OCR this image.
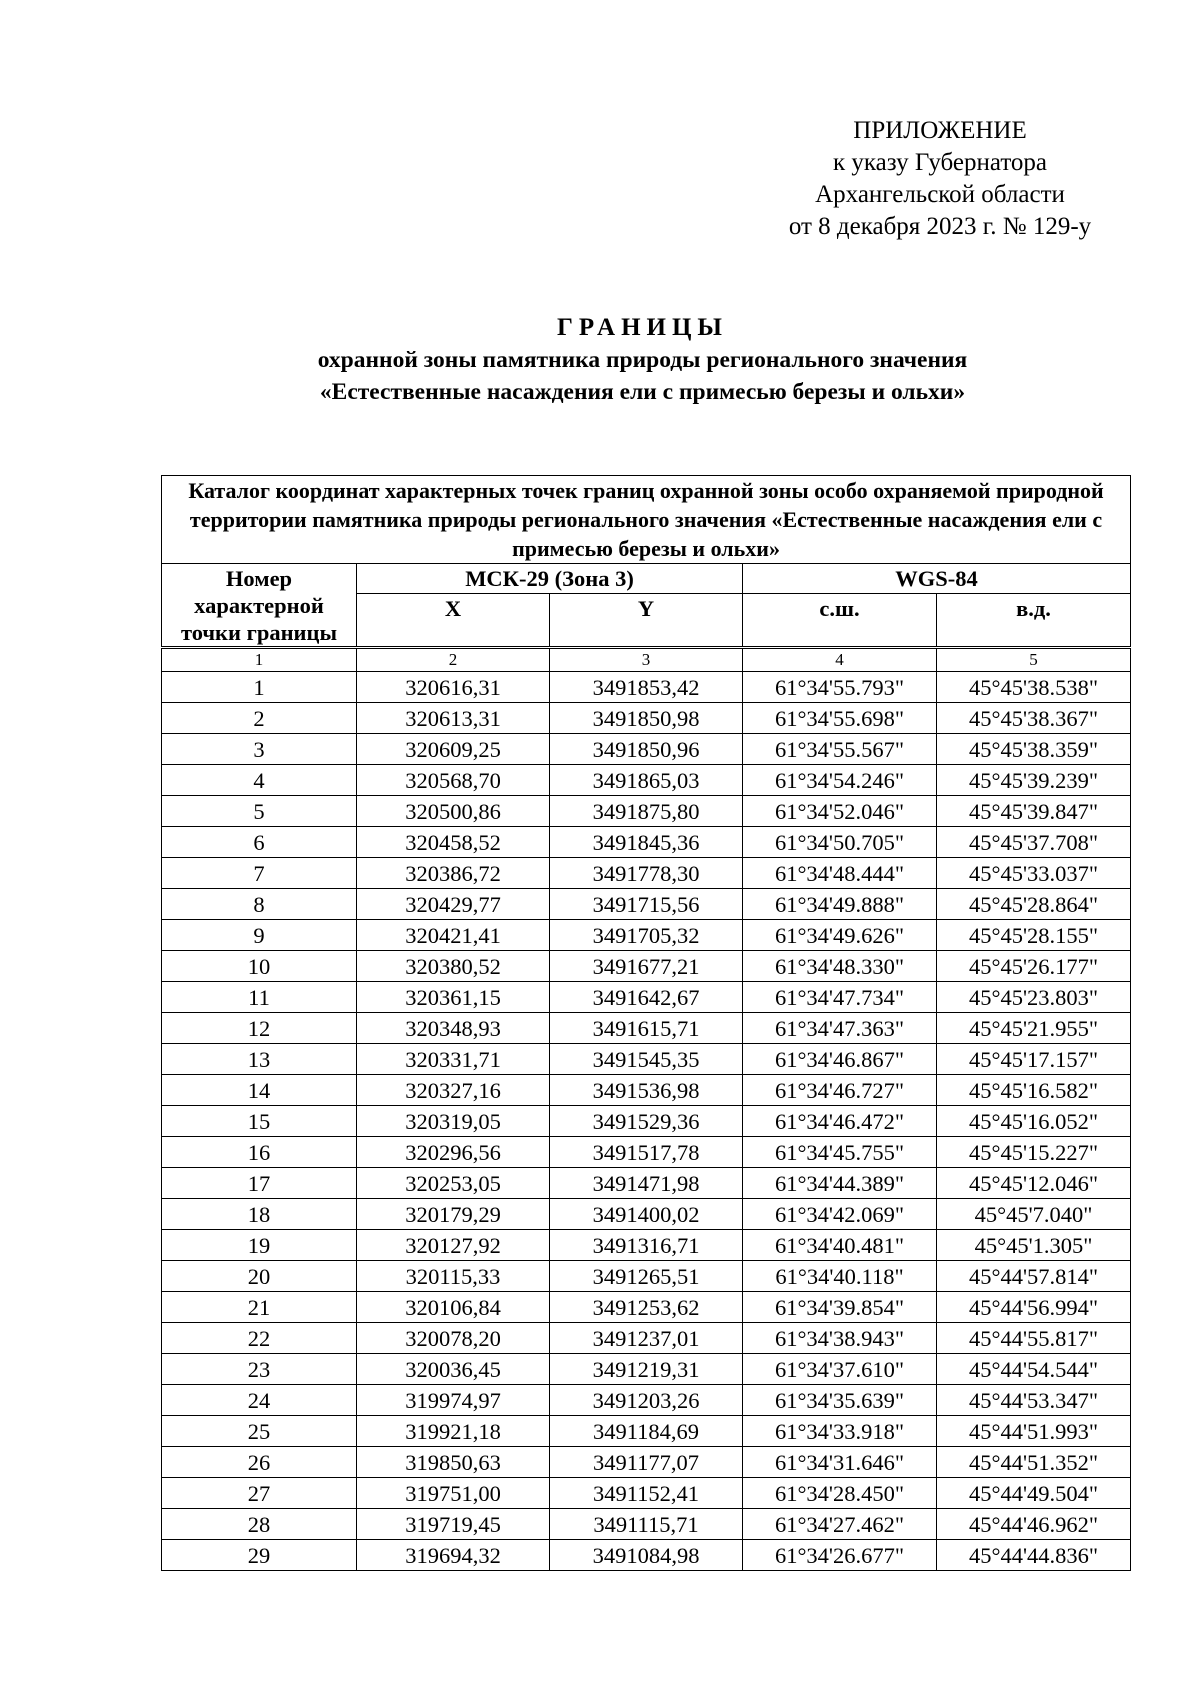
ПРИЛОЖЕНИЕ
к указу Губернатора
Архангельской области
от 8 декабря 2023 г. № 129-у
ГРАНИЦЫ
охранной зоны памятника природы регионального значения
«Естественные насаждения ели с примесью березы и ольхи»
Каталог координат характерных точек границ охранной зоны особо охраняемой природной территории памятника природы регионального значения «Естественные насаждения ели с примесью березы и ольхи»				
Номер характерной точки границы	МСК-29 (Зона 3)		WGS-84	
	X	Y	с.ш.	в.д.
1	2	3	4	5
1	320616,31	3491853,42	61°34'55.793"	45°45'38.538"
2	320613,31	3491850,98	61°34'55.698"	45°45'38.367"
3	320609,25	3491850,96	61°34'55.567"	45°45'38.359"
4	320568,70	3491865,03	61°34'54.246"	45°45'39.239"
5	320500,86	3491875,80	61°34'52.046"	45°45'39.847"
6	320458,52	3491845,36	61°34'50.705"	45°45'37.708"
7	320386,72	3491778,30	61°34'48.444"	45°45'33.037"
8	320429,77	3491715,56	61°34'49.888"	45°45'28.864"
9	320421,41	3491705,32	61°34'49.626"	45°45'28.155"
10	320380,52	3491677,21	61°34'48.330"	45°45'26.177"
11	320361,15	3491642,67	61°34'47.734"	45°45'23.803"
12	320348,93	3491615,71	61°34'47.363"	45°45'21.955"
13	320331,71	3491545,35	61°34'46.867"	45°45'17.157"
14	320327,16	3491536,98	61°34'46.727"	45°45'16.582"
15	320319,05	3491529,36	61°34'46.472"	45°45'16.052"
16	320296,56	3491517,78	61°34'45.755"	45°45'15.227"
17	320253,05	3491471,98	61°34'44.389"	45°45'12.046"
18	320179,29	3491400,02	61°34'42.069"	45°45'7.040"
19	320127,92	3491316,71	61°34'40.481"	45°45'1.305"
20	320115,33	3491265,51	61°34'40.118"	45°44'57.814"
21	320106,84	3491253,62	61°34'39.854"	45°44'56.994"
22	320078,20	3491237,01	61°34'38.943"	45°44'55.817"
23	320036,45	3491219,31	61°34'37.610"	45°44'54.544"
24	319974,97	3491203,26	61°34'35.639"	45°44'53.347"
25	319921,18	3491184,69	61°34'33.918"	45°44'51.993"
26	319850,63	3491177,07	61°34'31.646"	45°44'51.352"
27	319751,00	3491152,41	61°34'28.450"	45°44'49.504"
28	319719,45	3491115,71	61°34'27.462"	45°44'46.962"
29	319694,32	3491084,98	61°34'26.677"	45°44'44.836"
